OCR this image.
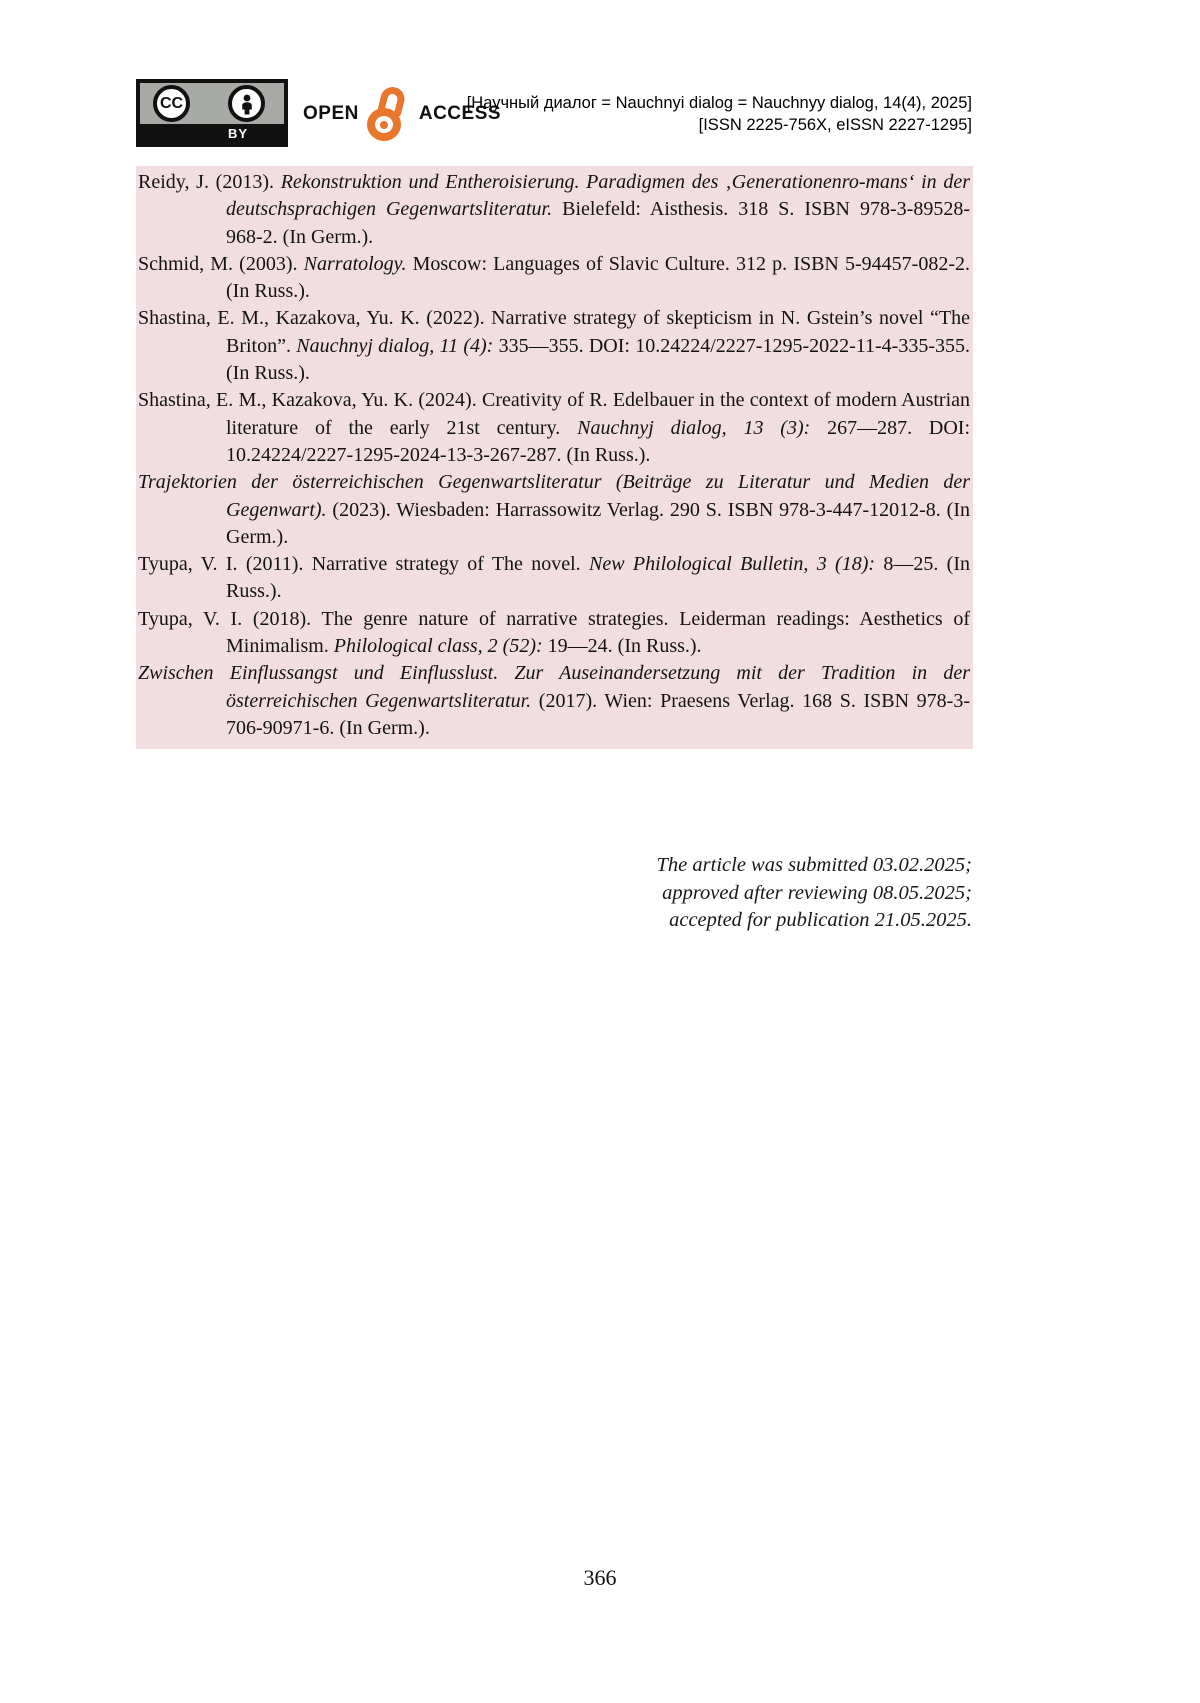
CC
BY
OPEN	ACCESS
[Научный диалог = Nauchnyi dialog = Nauchnyy dialog, 14(4), 2025]
[ISSN 2225-756X, eISSN 2227-1295]

Reidy, J. (2013). Rekonstruktion und Entheroisierung. Paradigmen des ‚Generationenro-mans‘ in der deutschsprachigen Gegenwartsliteratur. Bielefeld: Aisthesis. 318 S. ISBN 978-3-89528-968-2. (In Germ.).

Schmid, M. (2003). Narratology. Moscow: Languages of Slavic Culture. 312 p. ISBN 5-94457-082-2. (In Russ.).

Shastina, E. M., Kazakova, Yu. K. (2022). Narrative strategy of skepticism in N. Gstein’s novel “The Briton”. Nauchnyj dialog, 11 (4): 335—355. DOI: 10.24224/2227-1295-2022-11-4-335-355. (In Russ.).

Shastina, E. M., Kazakova, Yu. K. (2024). Creativity of R. Edelbauer in the context of modern Austrian literature of the early 21st century. Nauchnyj dialog, 13 (3): 267—287. DOI: 10.24224/2227-1295-2024-13-3-267-287. (In Russ.).

Trajektorien der österreichischen Gegenwartsliteratur (Beiträge zu Literatur und Medien der Gegenwart). (2023). Wiesbaden: Harrassowitz Verlag. 290 S. ISBN 978-3-447-12012-8. (In Germ.).

Tyupa, V. I. (2011). Narrative strategy of The novel. New Philological Bulletin, 3 (18): 8—25. (In Russ.).

Tyupa, V. I. (2018). The genre nature of narrative strategies. Leiderman readings: Aesthetics of Minimalism. Philological class, 2 (52): 19—24. (In Russ.).

Zwischen Einflussangst und Einflusslust. Zur Auseinandersetzung mit der Tradition in der österreichischen Gegenwartsliteratur. (2017). Wien: Praesens Verlag. 168 S. ISBN 978-3-706-90971-6. (In Germ.).

The article was submitted 03.02.2025;
approved after reviewing 08.05.2025;
accepted for publication 21.05.2025.
366
